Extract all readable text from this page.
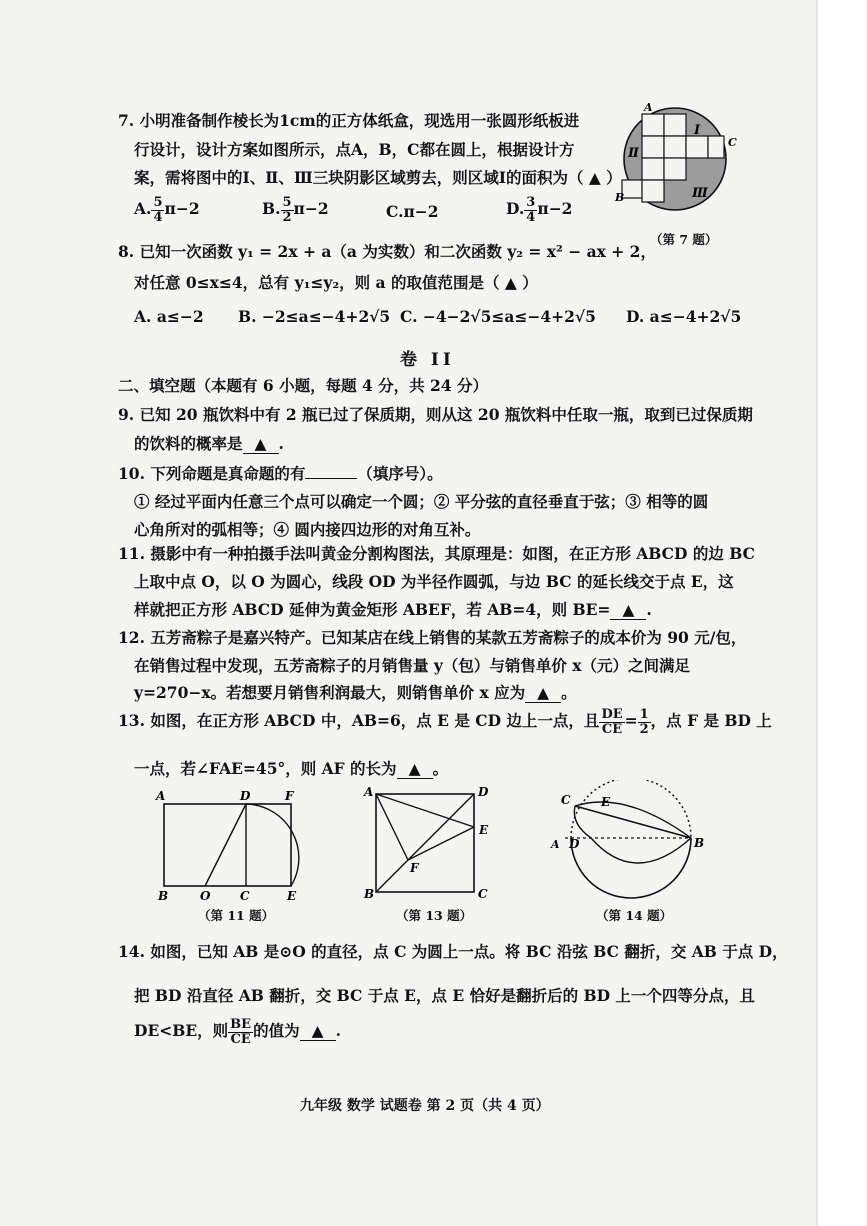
7. 小明准备制作棱长为1cm的正方体纸盒，现选用一张圆形纸板进
行设计，设计方案如图所示，点A，B，C都在圆上，根据设计方
案，需将图中的Ⅰ、Ⅱ、Ⅲ三块阴影区域剪去，则区域Ⅰ的面积为（ ▲ ）
A. $\frac{5}{4} \pi-2$	B. $\frac{5}{2} \pi-2$	C.π−2	D. $\frac{3}{4} \pi-2$
A
B
C
Ⅰ
Ⅱ
Ⅲ
（第 7 题）
8. 已知一次函数 y₁ = 2x + a（a 为实数）和二次函数 y₂ = x² − ax + 2，
对任意 0≤x≤4，总有 y₁≤y₂，则 a 的取值范围是（ ▲ ）
A. a≤−2 B. −2≤a≤−4+2√5 C. −4−2√5≤a≤−4+2√5 D. a≤−4+2√5
卷 II
二、填空题（本题有 6 小题，每题 4 分，共 24 分）
9. 已知 20 瓶饮料中有 2 瓶已过了保质期，则从这 20 瓶饮料中任取一瓶，取到已过保质期
的饮料的概率是 ▲ .
10. 下列命题是真命题的有	（填序号）。
① 经过平面内任意三个点可以确定一个圆；② 平分弦的直径垂直于弦；③ 相等的圆
心角所对的弧相等；④ 圆内接四边形的对角互补。
11. 摄影中有一种拍摄手法叫黄金分割构图法，其原理是：如图，在正方形 ABCD 的边 BC
上取中点 O，以 O 为圆心，线段 OD 为半径作圆弧，与边 BC 的延长线交于点 E，这
样就把正方形 ABCD 延伸为黄金矩形 ABEF，若 AB=4，则 BE= ▲ .
12. 五芳斋粽子是嘉兴特产。已知某店在线上销售的某款五芳斋粽子的成本价为 90 元/包，
在销售过程中发现，五芳斋粽子的月销售量 y（包）与销售单价 x（元）之间满足
y=270−x。若想要月销售利润最大，则销售单价 x 应为 ▲ 。
13. 如图，在正方形 ABCD 中，AB=6，点 E 是 CD 边上一点，且 $\frac{DE}{CE} = \frac{1}{2}$ ，点 F 是 BD 上
一点，若∠FAE=45°，则 AF 的长为 ▲ 。
A	D	F
B	O C	E
（第 11 题）
A	D
E
F
B	C
（第 13 题）
C	E
A D	B
（第 14 题）
14. 如图，已知 AB 是⊙O 的直径，点 C 为圆上一点。将 BC 沿弦 BC 翻折，交 AB 于点 D，
把 BD 沿直径 AB 翻折，交 BC 于点 E，点 E 恰好是翻折后的 BD 上一个四等分点，且
DE<BE，则 $\frac{BE}{CE}$ 的值为 ▲ .
九年级 数学 试题卷 第 2 页（共 4 页）
